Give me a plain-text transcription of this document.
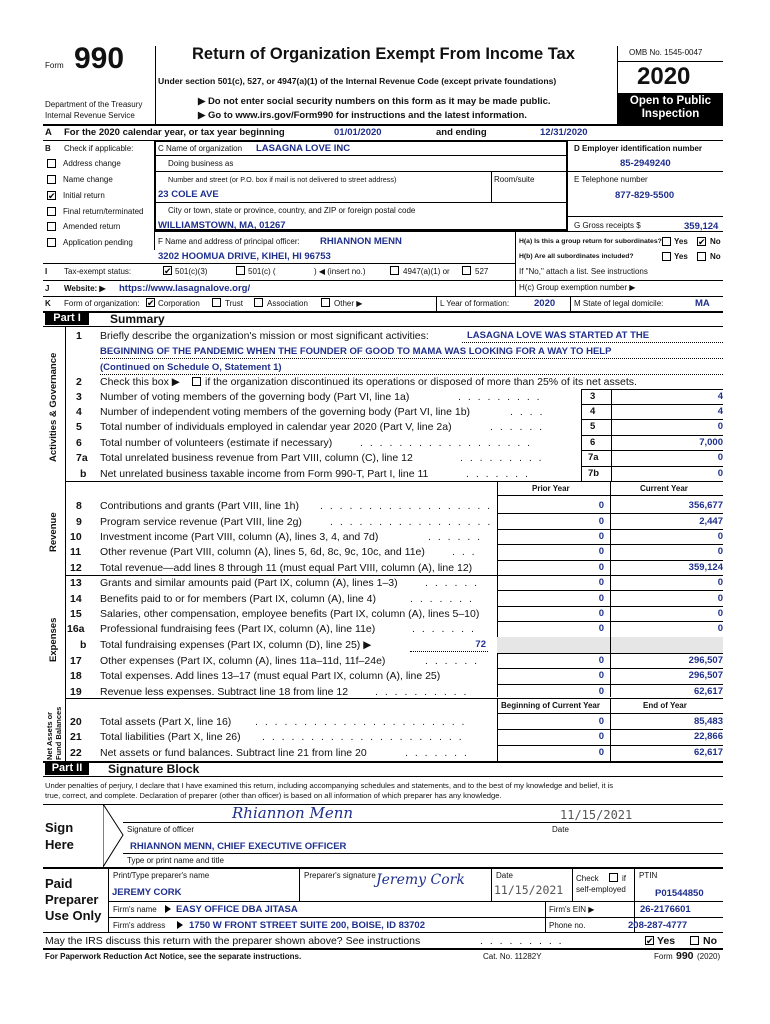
Form 990
Department of the Treasury
Internal Revenue Service
Return of Organization Exempt From Income Tax
Under section 501(c), 527, or 4947(a)(1) of the Internal Revenue Code (except private foundations)
▶ Do not enter social security numbers on this form as it may be made public.
▶ Go to www.irs.gov/Form990 for instructions and the latest information.
OMB No. 1545-0047
2020
Open to Public
Inspection
A For the 2020 calendar year, or tax year beginning	01/01/2020	and ending	12/31/2020
B Check if applicable:
Address change
Name change
✔ Initial return
Final return/terminated
Amended return
Application pending
C Name of organization LASAGNA LOVE INC
Doing business as
Number and street (or P.O. box if mail is not delivered to street address)	Room/suite
23 COLE AVE
City or town, state or province, country, and ZIP or foreign postal code
WILLIAMSTOWN, MA, 01267
D Employer identification number
85-2949240
E Telephone number
877-829-5500
G Gross receipts $	359,124
F Name and address of principal officer: RHIANNON MENN
3202 HOOMUA DRIVE, KIHEI, HI 96753
H(a) Is this a group return for subordinates? Yes ✔ No
H(b) Are all subordinates included?	Yes	No
If "No," attach a list. See instructions
H(c) Group exemption number ▶
I Tax-exempt status:	✔ 501(c)(3)	501(c) (	) ◀ (insert no.)	4947(a)(1) or	527
J Website: ▶ https://www.lasagnalove.org/
K Form of organization: ✔ Corporation	Trust	Association	Other ▶	L Year of formation:	2020 M State of legal domicile:	MA
Part I	Summary
Activities & Governance
Revenue
Expenses
Net Assets or Fund Balances
1 Briefly describe the organization's mission or most significant activities:	LASAGNA LOVE WAS STARTED AT THE
BEGINNING OF THE PANDEMIC WHEN THE FOUNDER OF GOOD TO MAMA WAS LOOKING FOR A WAY TO HELP
(Continued on Schedule O, Statement 1)
2 Check this box ▶ if the organization discontinued its operations or disposed of more than 25% of its net assets.
3 Number of voting members of the governing body (Part VI, line 1a)	. . . . . . . . .	3	4
4 Number of independent voting members of the governing body (Part VI, line 1b)	. . . .	4	4
5 Total number of individuals employed in calendar year 2020 (Part V, line 2a)	. . . . . .	5	0
6 Total number of volunteers (estimate if necessary)	. . . . . . . . . . . . . . . . . .	6	7,000
7a Total unrelated business revenue from Part VIII, column (C), line 12	. . . . . . . . .	7a	0
b Net unrelated business taxable income from Form 990-T, Part I, line 11	. . . . . . .	7b	0
Prior Year	Current Year
8 Contributions and grants (Part VIII, line 1h) . . . . . . . . . . . . . . . . . .	0	356,677
9 Program service revenue (Part VIII, line 2g)	. . . . . . . . . . . . . . . . .	0	2,447
10 Investment income (Part VIII, column (A), lines 3, 4, and 7d)	. . . . . .	0	0
11 Other revenue (Part VIII, column (A), lines 5, 6d, 8c, 9c, 10c, and 11e)	. . .	0	0
12 Total revenue—add lines 8 through 11 (must equal Part VIII, column (A), line 12)	0	359,124
13 Grants and similar amounts paid (Part IX, column (A), lines 1–3)	. . . . . .	0	0
14 Benefits paid to or for members (Part IX, column (A), line 4)	. . . . . . .	0	0
15 Salaries, other compensation, employee benefits (Part IX, column (A), lines 5–10)	0	0
16a Professional fundraising fees (Part IX, column (A), line 11e)	. . . . . . .	0	0
b Total fundraising expenses (Part IX, column (D), line 25) ▶	72
17 Other expenses (Part IX, column (A), lines 11a–11d, 11f–24e)	. . . . . .	0	296,507
18 Total expenses. Add lines 13–17 (must equal Part IX, column (A), line 25)	0	296,507
19 Revenue less expenses. Subtract line 18 from line 12	. . . . . . . . . .	0	62,617
Beginning of Current Year	End of Year
20 Total assets (Part X, line 16) . . . . . . . . . . . . . . . . . . . . . .	0	85,483
21 Total liabilities (Part X, line 26) . . . . . . . . . . . . . . . . . . . . .	0	22,866
22 Net assets or fund balances. Subtract line 21 from line 20	. . . . . . .	0	62,617
Part II	Signature Block
Under penalties of perjury, I declare that I have examined this return, including accompanying schedules and statements, and to the best of my knowledge and belief, it is
true, correct, and complete. Declaration of preparer (other than officer) is based on all information of which preparer has any knowledge.
Sign
Here
Rhiannon Menn	11/15/2021
Signature of officer	Date
RHIANNON MENN, CHIEF EXECUTIVE OFFICER
Type or print name and title
Paid
Preparer
Use Only
Print/Type preparer's name
JEREMY CORK
Preparer's signature Jeremy Cork	Date
11/15/2021
Check	if
self-employed
PTIN
P01544850
Firm's name EASY OFFICE DBA JITASA	Firm's EIN ▶	26-2176601
Firm's address	1750 W FRONT STREET SUITE 200, BOISE, ID 83702	Phone no.	208-287-4777
May the IRS discuss this return with the preparer shown above? See instructions	. . . . . . . . .	✔ Yes	No
For Paperwork Reduction Act Notice, see the separate instructions.	Cat. No. 11282Y	Form 990 (2020)
